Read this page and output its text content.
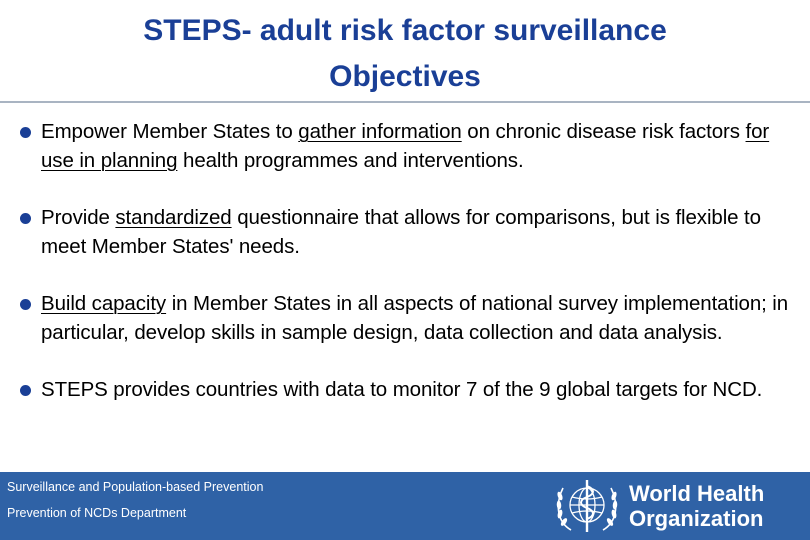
STEPS- adult risk factor surveillance
Objectives
Empower Member States to gather information on chronic disease risk factors for use in planning health programmes and interventions.
Provide standardized questionnaire that allows for comparisons, but is flexible to meet Member States' needs.
Build capacity in Member States in all aspects of national survey implementation; in particular, develop skills in sample design, data collection and data analysis.
STEPS provides countries with data to monitor 7 of the 9 global targets for NCD.
Surveillance and Population-based Prevention
Prevention of NCDs Department
World Health
Organization
